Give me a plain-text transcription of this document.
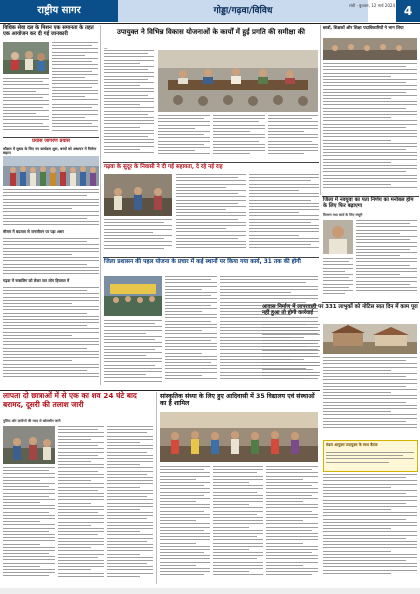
राष्ट्रीय सागर	गोड्डा/गढ़वा/विविध
रांची · बुधवार, 12 मार्च 2024 4
विधिक सेवा दल के मिशन एक समानता के तहत एक आयोजन कर दी गई जानकारी
प्रयास जागरण प्रयास
कौशल में सुधार के लिए नए कार्यक्रम शुरू, बच्चों को अध्ययन में मिलेगा सहारा
मौसम में बदलाव से जनजीवन पर पड़ा असर
गढ़वा में नाबालिग को लेकर चार लोग हिरासत में
उपायुक्त ने विभिन्न विकास योजनाओं के कार्यों में हुई प्रगति की समीक्षा की
—
छात्रों, शिक्षकों और शिक्षा पदाधिकारियों ने भाग लिया
गढ़वा के सुदूर के निवासी ने दी गई सहायता, दे रहे नई राह
जिला में नवयुवा का पता निर्णय का मनोबल होम के लिए फिर बढ़ाएगा
वितरण तथा कार्य के लिए मंजूरी
जिला प्रशासन की पहल योजना के प्रचार में कई स्थानों पर किया गया कार्य, 31 तक की होगी
आवास निर्माण में लापरवाही पर 331 लाभुकों को नोटिस सात दिन में काम पूरा नहीं हुआ तो होगी कार्रवाई
मंडल आयुक्त उपायुक्त के साथ बैठक
लापता दो छात्राओं में से एक का शव 24 घंटे बाद बरामद, दूसरी की तलाश जारी
पुलिस और ग्रामीणों की मदद से खोजबीन जारी
सांस्कृतिक संध्या के लिए हुए आदिवासी में 35 विद्यालय एवं संस्थाओं का है शामिल
